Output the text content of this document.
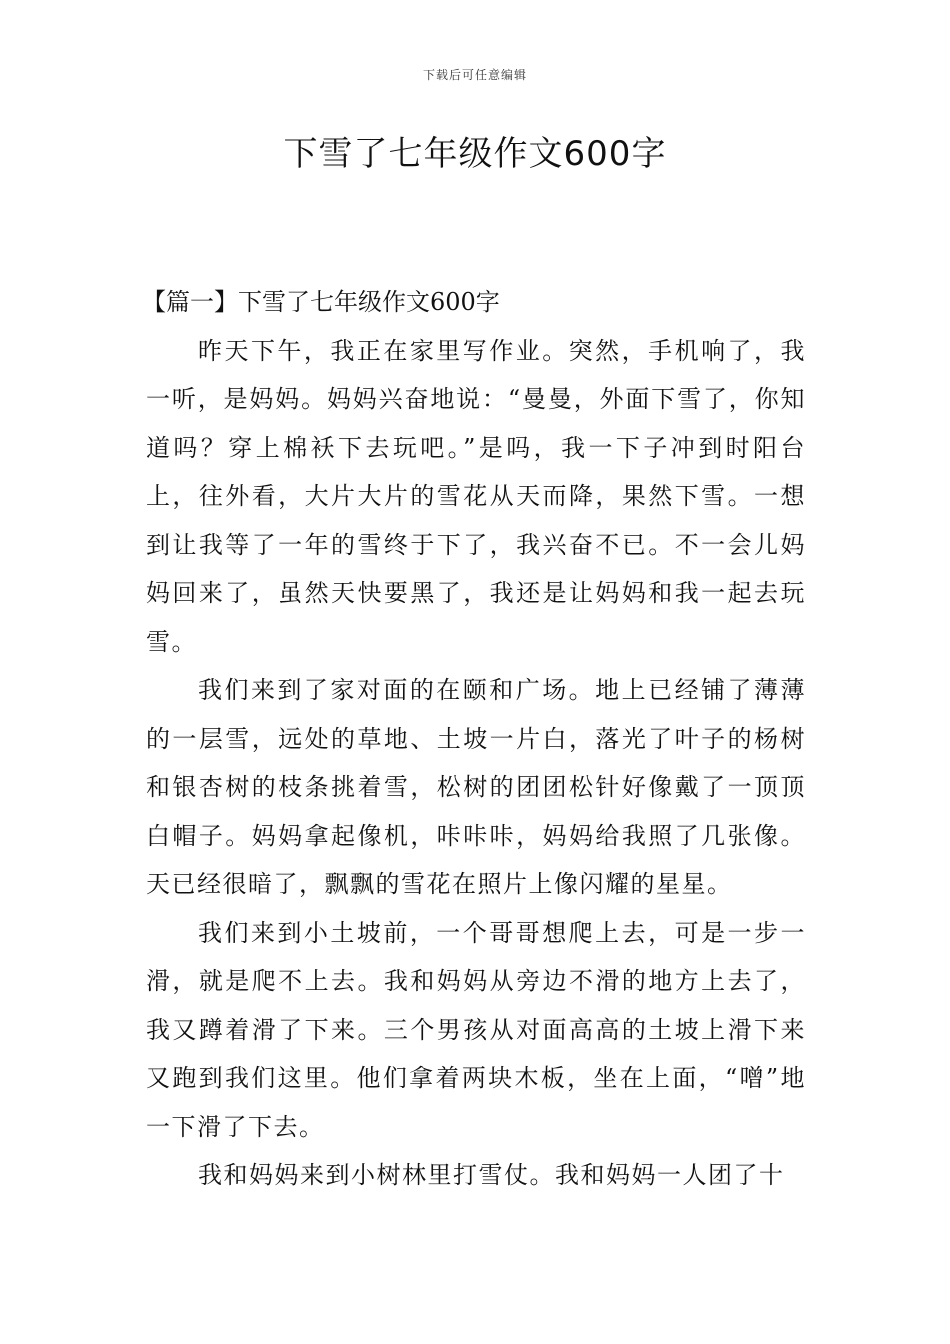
下载后可任意编辑
下雪了七年级作文600字
【篇一】下雪了七年级作文600字

昨天下午，我正在家里写作业。突然，手机响了，我一听，是妈妈。妈妈兴奋地说：“曼曼，外面下雪了，你知道吗？穿上棉袄下去玩吧。”是吗，我一下子冲到时阳台上，往外看，大片大片的雪花从天而降，果然下雪。一想到让我等了一年的雪终于下了，我兴奋不已。不一会儿妈妈回来了，虽然天快要黑了，我还是让妈妈和我一起去玩雪。

我们来到了家对面的在颐和广场。地上已经铺了薄薄的一层雪，远处的草地、土坡一片白，落光了叶子的杨树和银杏树的枝条挑着雪，松树的团团松针好像戴了一顶顶白帽子。妈妈拿起像机，咔咔咔，妈妈给我照了几张像。天已经很暗了，飘飘的雪花在照片上像闪耀的星星。

我们来到小土坡前，一个哥哥想爬上去，可是一步一滑，就是爬不上去。我和妈妈从旁边不滑的地方上去了，我又蹲着滑了下来。三个男孩从对面高高的土坡上滑下来又跑到我们这里。他们拿着两块木板，坐在上面，“噌”地一下滑了下去。

我和妈妈来到小树林里打雪仗。我和妈妈一人团了十
